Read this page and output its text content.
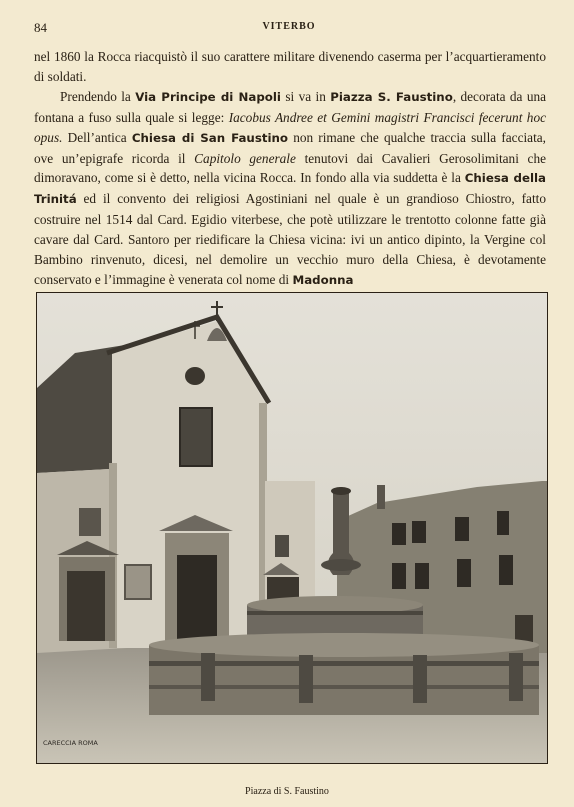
84	VITERBO

nel 1860 la Rocca riacquistò il suo carattere militare divenendo caserma per l’acquartieramento di soldati.

Prendendo la Via Principe di Napoli si va in Piazza S. Faustino, decorata da una fontana a fuso sulla quale si legge: Iacobus Andree et Gemini magistri Francisci fecerunt hoc opus. Dell’antica Chiesa di San Faustino non rimane che qualche traccia sulla facciata, ove un’epigrafe ricorda il Capitolo generale tenutovi dai Cavalieri Gerosolimitani che dimoravano, come si è detto, nella vicina Rocca. In fondo alla via suddetta è la Chiesa della Trinitá ed il convento dei religiosi Agostiniani nel quale è un grandioso Chiostro, fatto costruire nel 1514 dal Card. Egidio viterbese, che potè utilizzare le trentotto colonne fatte già cavare dal Card. Santoro per riedificare la Chiesa vicina: ivi un antico dipinto, la Vergine col Bambino rinvenuto, dicesi, nel demolire un vecchio muro della Chiesa, è devotamente conservato e l’immagine è venerata col nome di Madonna

CARECCIA ROMA
Piazza di S. Faustino
